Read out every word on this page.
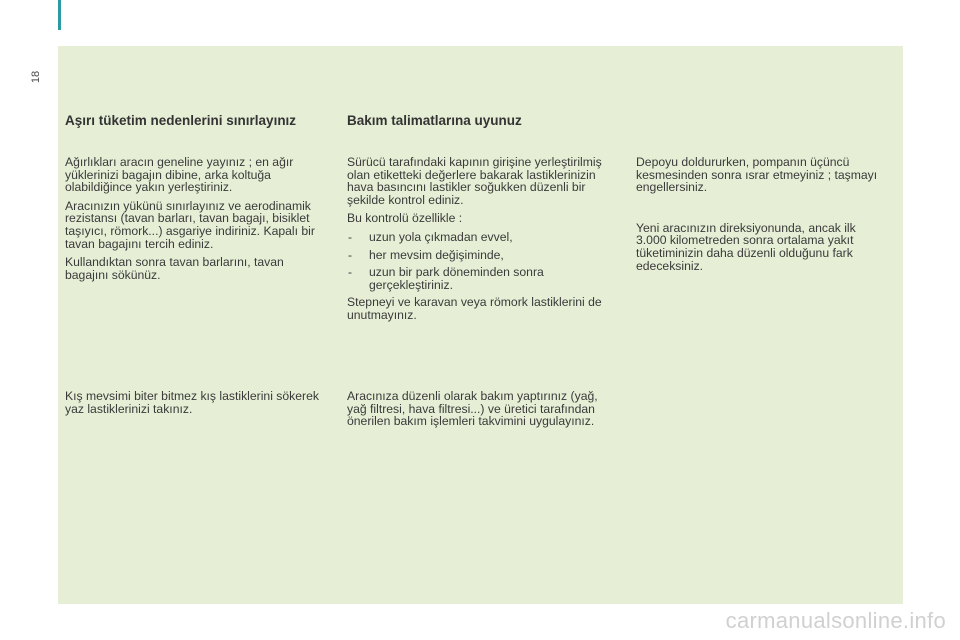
18
Aşırı tüketim nedenlerini sınırlayınız

Ağırlıkları aracın geneline yayınız ; en ağır yüklerinizi bagajın dibine, arka koltuğa olabildiğince yakın yerleştiriniz.

Aracınızın yükünü sınırlayınız ve aerodinamik rezistansı (tavan barları, tavan bagajı, bisiklet taşıyıcı, römork...) asgariye indiriniz. Kapalı bir tavan bagajını tercih ediniz.

Kullandıktan sonra tavan barlarını, tavan bagajını sökünüz.

Kış mevsimi biter bitmez kış lastiklerini sökerek yaz lastiklerinizi takınız.

Bakım talimatlarına uyunuz

Sürücü tarafındaki kapının girişine yerleştirilmiş olan etiketteki değerlere bakarak lastiklerinizin hava basıncını lastikler soğukken düzenli bir şekilde kontrol ediniz.

Bu kontrolü özellikle :

- uzun yola çıkmadan evvel,
- her mevsim değişiminde,
- uzun bir park döneminden sonra gerçekleştiriniz.

Stepneyi ve karavan veya römork lastiklerini de unutmayınız.

Aracınıza düzenli olarak bakım yaptırınız (yağ, yağ filtresi, hava filtresi...) ve üretici tarafından önerilen bakım işlemleri takvimini uygulayınız.

Depoyu doldururken, pompanın üçüncü kesmesinden sonra ısrar etmeyiniz ; taşmayı engellersiniz.

Yeni aracınızın direksiyonunda, ancak ilk 3.000 kilometreden sonra ortalama yakıt tüketiminizin daha düzenli olduğunu fark edeceksiniz.

carmanualsonline.info
